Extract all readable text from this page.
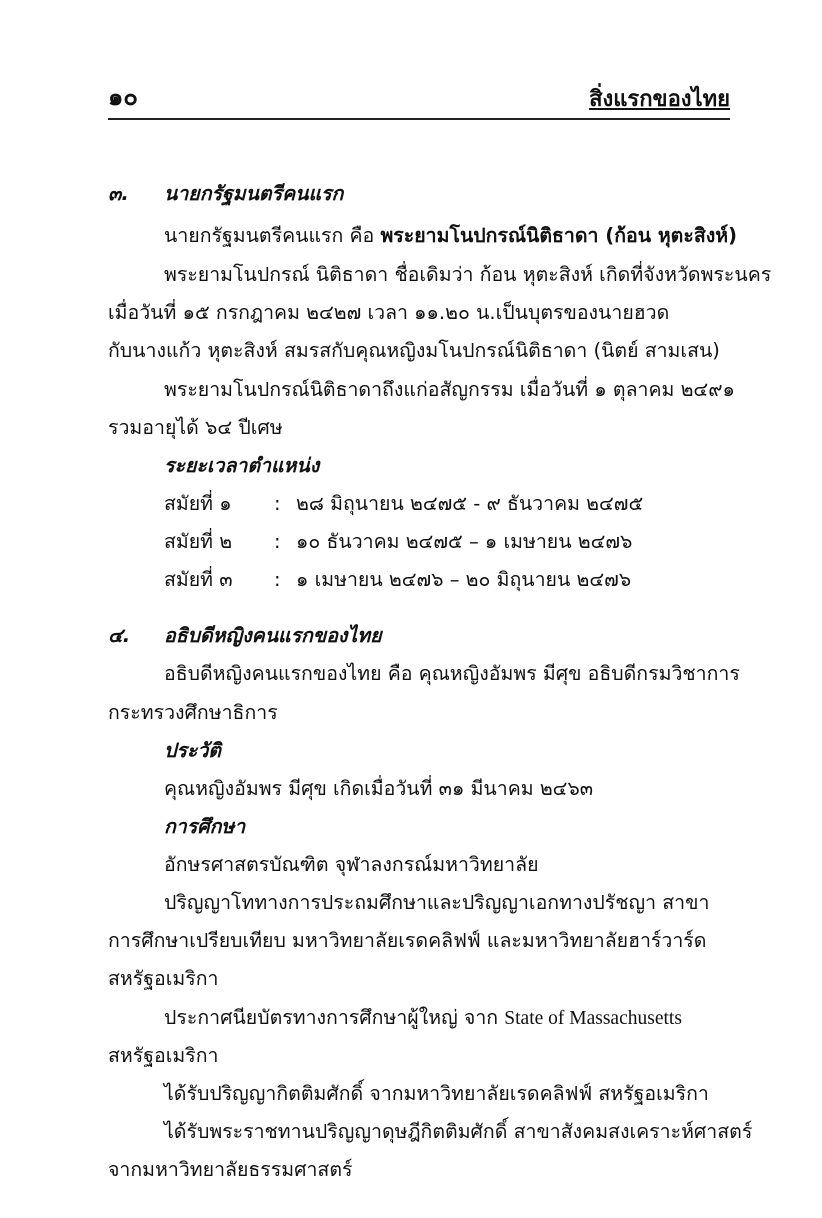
๑๐	สิ่งแรกของไทย
๓. นายกรัฐมนตรีคนแรก
นายกรัฐมนตรีคนแรก คือ พระยามโนปกรณ์นิติธาดา (ก้อน หุตะสิงห์)
พระยามโนปกรณ์ นิติธาดา ชื่อเดิมว่า ก้อน หุตะสิงห์ เกิดที่จังหวัดพระนคร
เมื่อวันที่ ๑๕ กรกฎาคม ๒๔๒๗ เวลา ๑๑.๒๐ น.เป็นบุตรของนายฮวด
กับนางแก้ว หุตะสิงห์ สมรสกับคุณหญิงมโนปกรณ์นิติธาดา (นิตย์ สามเสน)
พระยามโนปกรณ์นิติธาดาถึงแก่อสัญกรรม เมื่อวันที่ ๑ ตุลาคม ๒๔๙๑
รวมอายุได้ ๖๔ ปีเศษ
ระยะเวลาตำแหน่ง
สมัยที่ ๑ : ๒๘ มิถุนายน ๒๔๗๕ - ๙ ธันวาคม ๒๔๗๕
สมัยที่ ๒ : ๑๐ ธันวาคม ๒๔๗๕ – ๑ เมษายน ๒๔๗๖
สมัยที่ ๓ : ๑ เมษายน ๒๔๗๖ – ๒๐ มิถุนายน ๒๔๗๖
๔. อธิบดีหญิงคนแรกของไทย
อธิบดีหญิงคนแรกของไทย คือ คุณหญิงอัมพร มีศุข อธิบดีกรมวิชาการ
กระทรวงศึกษาธิการ
ประวัติ
คุณหญิงอัมพร มีศุข เกิดเมื่อวันที่ ๓๑ มีนาคม ๒๔๖๓
การศึกษา
อักษรศาสตรบัณฑิต จุฬาลงกรณ์มหาวิทยาลัย
ปริญญาโททางการประถมศึกษาและปริญญาเอกทางปรัชญา สาขา
การศึกษาเปรียบเทียบ มหาวิทยาลัยเรดคลิฟฟ์ และมหาวิทยาลัยฮาร์วาร์ด
สหรัฐอเมริกา
ประกาศนียบัตรทางการศึกษาผู้ใหญ่ จาก State of Massachusetts
สหรัฐอเมริกา
ได้รับปริญญากิตติมศักดิ์ จากมหาวิทยาลัยเรดคลิฟฟ์ สหรัฐอเมริกา
ได้รับพระราชทานปริญญาดุษฎีกิตติมศักดิ์ สาขาสังคมสงเคราะห์ศาสตร์
จากมหาวิทยาลัยธรรมศาสตร์
